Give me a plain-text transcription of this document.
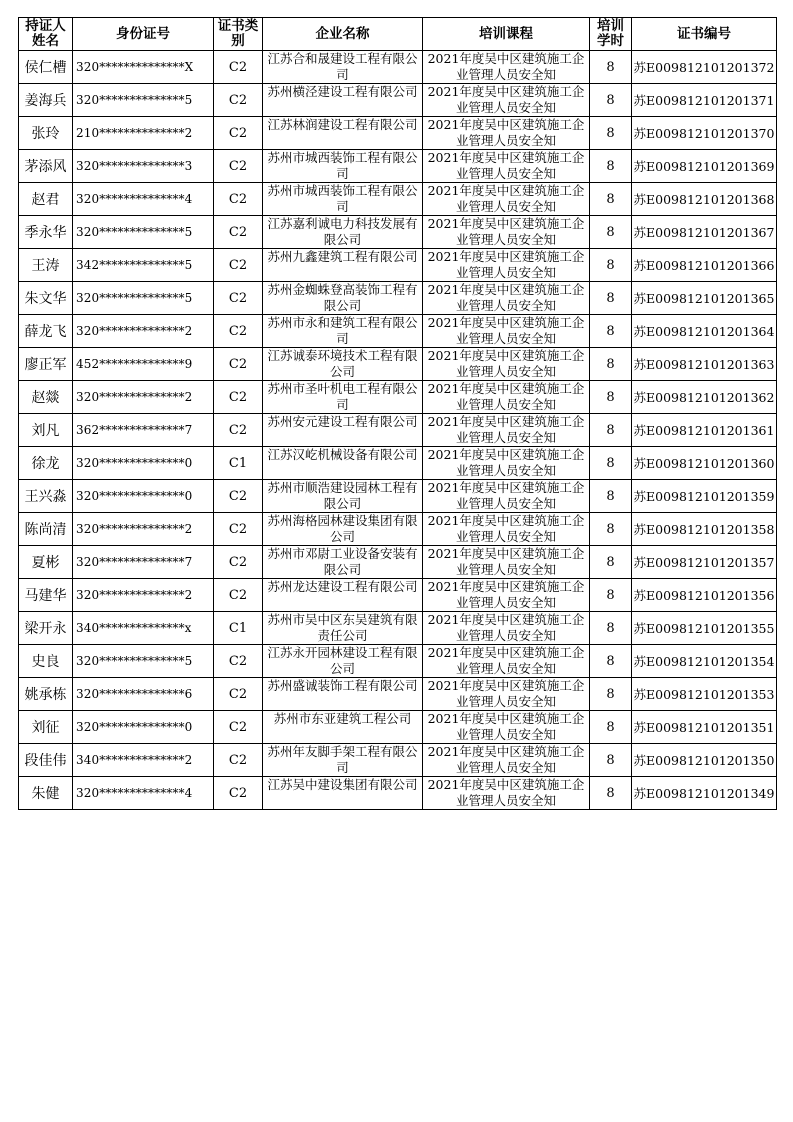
持证人姓名	身份证号	证书类别	企业名称	培训课程	培训学时	证书编号
侯仁槽	320**************X	C2	江苏合和晟建设工程有限公司	2021年度吴中区建筑施工企业管理人员安全知	8	苏E009812101201372
姜海兵	320**************5	C2	苏州横泾建设工程有限公司	2021年度吴中区建筑施工企业管理人员安全知	8	苏E009812101201371
张玲	210**************2	C2	江苏林润建设工程有限公司	2021年度吴中区建筑施工企业管理人员安全知	8	苏E009812101201370
茅添风	320**************3	C2	苏州市城西装饰工程有限公司	2021年度吴中区建筑施工企业管理人员安全知	8	苏E009812101201369
赵君	320**************4	C2	苏州市城西装饰工程有限公司	2021年度吴中区建筑施工企业管理人员安全知	8	苏E009812101201368
季永华	320**************5	C2	江苏嘉利诚电力科技发展有限公司	2021年度吴中区建筑施工企业管理人员安全知	8	苏E009812101201367
王涛	342**************5	C2	苏州九鑫建筑工程有限公司	2021年度吴中区建筑施工企业管理人员安全知	8	苏E009812101201366
朱文华	320**************5	C2	苏州金蜘蛛登高装饰工程有限公司	2021年度吴中区建筑施工企业管理人员安全知	8	苏E009812101201365
薛龙飞	320**************2	C2	苏州市永和建筑工程有限公司	2021年度吴中区建筑施工企业管理人员安全知	8	苏E009812101201364
廖正军	452**************9	C2	江苏诚泰环境技术工程有限公司	2021年度吴中区建筑施工企业管理人员安全知	8	苏E009812101201363
赵燚	320**************2	C2	苏州市圣叶机电工程有限公司	2021年度吴中区建筑施工企业管理人员安全知	8	苏E009812101201362
刘凡	362**************7	C2	苏州安元建设工程有限公司	2021年度吴中区建筑施工企业管理人员安全知	8	苏E009812101201361
徐龙	320**************0	C1	江苏汉屹机械设备有限公司	2021年度吴中区建筑施工企业管理人员安全知	8	苏E009812101201360
王兴淼	320**************0	C2	苏州市顺浩建设园林工程有限公司	2021年度吴中区建筑施工企业管理人员安全知	8	苏E009812101201359
陈尚清	320**************2	C2	苏州海格园林建设集团有限公司	2021年度吴中区建筑施工企业管理人员安全知	8	苏E009812101201358
夏彬	320**************7	C2	苏州市邓尉工业设备安装有限公司	2021年度吴中区建筑施工企业管理人员安全知	8	苏E009812101201357
马建华	320**************2	C2	苏州龙达建设工程有限公司	2021年度吴中区建筑施工企业管理人员安全知	8	苏E009812101201356
梁开永	340**************x	C1	苏州市吴中区东吴建筑有限责任公司	2021年度吴中区建筑施工企业管理人员安全知	8	苏E009812101201355
史良	320**************5	C2	江苏永开园林建设工程有限公司	2021年度吴中区建筑施工企业管理人员安全知	8	苏E009812101201354
姚承栋	320**************6	C2	苏州盛诚装饰工程有限公司	2021年度吴中区建筑施工企业管理人员安全知	8	苏E009812101201353
刘征	320**************0	C2	苏州市东亚建筑工程公司	2021年度吴中区建筑施工企业管理人员安全知	8	苏E009812101201351
段佳伟	340**************2	C2	苏州年友脚手架工程有限公司	2021年度吴中区建筑施工企业管理人员安全知	8	苏E009812101201350
朱健	320**************4	C2	江苏吴中建设集团有限公司	2021年度吴中区建筑施工企业管理人员安全知	8	苏E009812101201349
